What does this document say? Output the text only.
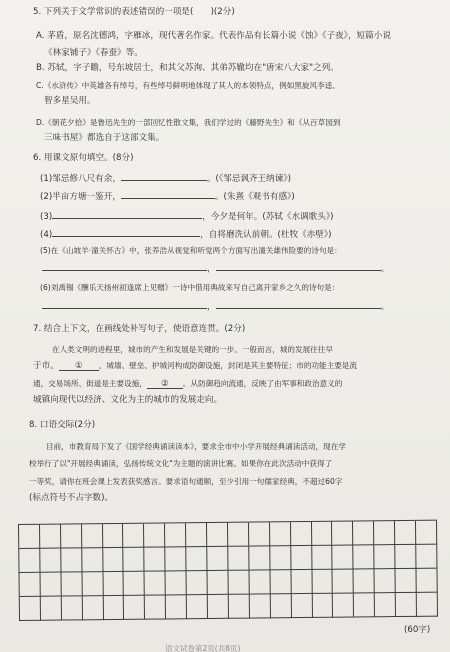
5. 下列关于文学常识的表述错误的一项是(　　)(2分)
A. 茅盾，原名沈德鸿，字雁冰，现代著名作家。代表作品有长篇小说《蚀》《子夜》，短篇小说
《林家铺子》《春蚕》等。
B. 苏轼，字子瞻，号东坡居士，和其父苏洵、其弟苏辙均在"唐宋八大家"之列。
C.《水浒传》中英雄各有绰号，有些绰号鲜明地体现了其人的本领特点，例如黑旋风李逵、
智多星吴用。
D.《朝花夕拾》是鲁迅先生的一部回忆性散文集，我们学过的《藤野先生》和《从百草园到
三味书屋》都选自于这部文集。
6. 用课文原句填空。(8分)
(1)邹忌修八尺有余，	。(《邹忌讽齐王纳谏》)
(2)半亩方塘一鉴开，	。(朱熹《观书有感》)
(3)	，今夕是何年。(苏轼《水调歌头》)
(4)	，自将磨洗认前朝。(杜牧《赤壁》)
(5)在《山坡羊·潼关怀古》中，张养浩从视觉和听觉两个方面写出潼关雄伟险要的诗句是：
，	。
(6)刘禹锡《酬乐天扬州初逢席上见赠》一诗中借用典故来写自己离开家乡之久的诗句是：
，	。
7. 结合上下文，在画线处补写句子，使语意连贯。(2分)
在人类文明的进程里，城市的产生和发展是关键的一步。一般而言，城的发展往往早
于市。 ① ，城墙、壁垒、护城河构成防御设施，封闭是其主要特征；市的功能主要是流
通，交易场所、街道是主要设施， ② 。从防御趋向流通，反映了由军事和政治意义的
城镇向现代以经济、文化为主的城市的发展走向。
8. 口语交际(2分)
目前，市教育局下发了《国学经典诵读读本》，要求全市中小学开展经典诵读活动，现在学
校举行了以"开展经典诵读，弘扬传统文化"为主题的演讲比赛。如果你在此次活动中获得了
一等奖，请你在班会课上发表获奖感言。要求语句通顺，至少引用一句儒家经典，不超过60字
(标点符号不占字数)。
(60字)
语文试卷第2页(共8页)
